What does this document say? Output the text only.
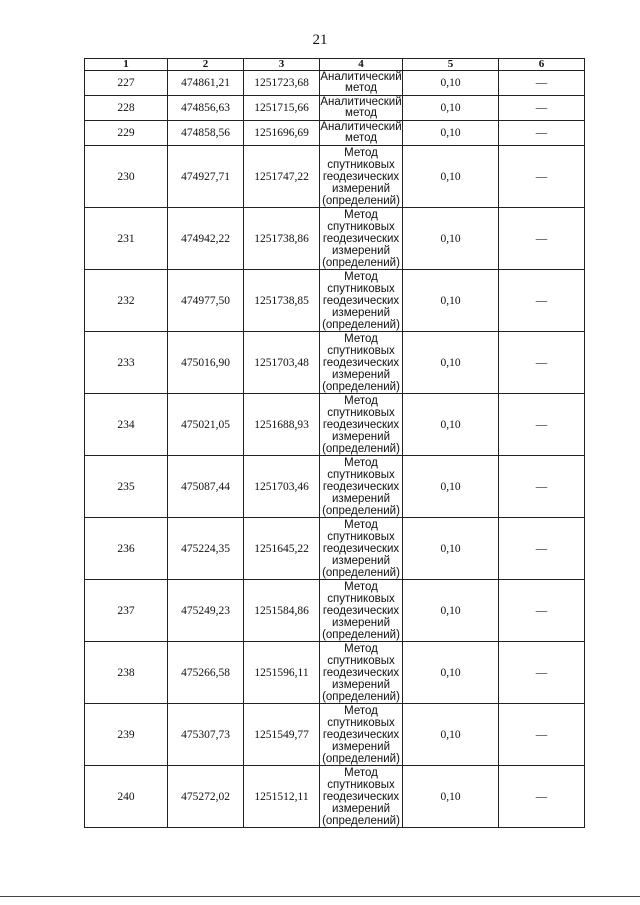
21
1	2	3	4	5	6
227	474861,21	1251723,68	Аналитический
метод	0,10	—
228	474856,63	1251715,66	Аналитический
метод	0,10	—
229	474858,56	1251696,69	Аналитический
метод	0,10	—
230	474927,71	1251747,22	Метод
спутниковых
геодезических
измерений
(определений)	0,10	—
231	474942,22	1251738,86	Метод
спутниковых
геодезических
измерений
(определений)	0,10	—
232	474977,50	1251738,85	Метод
спутниковых
геодезических
измерений
(определений)	0,10	—
233	475016,90	1251703,48	Метод
спутниковых
геодезических
измерений
(определений)	0,10	—
234	475021,05	1251688,93	Метод
спутниковых
геодезических
измерений
(определений)	0,10	—
235	475087,44	1251703,46	Метод
спутниковых
геодезических
измерений
(определений)	0,10	—
236	475224,35	1251645,22	Метод
спутниковых
геодезических
измерений
(определений)	0,10	—
237	475249,23	1251584,86	Метод
спутниковых
геодезических
измерений
(определений)	0,10	—
238	475266,58	1251596,11	Метод
спутниковых
геодезических
измерений
(определений)	0,10	—
239	475307,73	1251549,77	Метод
спутниковых
геодезических
измерений
(определений)	0,10	—
240	475272,02	1251512,11	Метод
спутниковых
геодезических
измерений
(определений)	0,10	—
